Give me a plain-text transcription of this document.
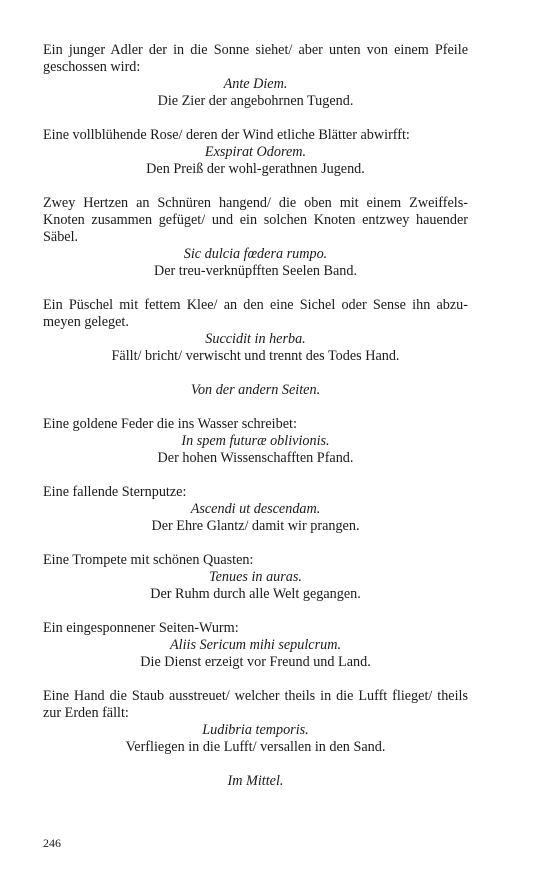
Ein junger Adler der in die Sonne siehet/ aber unten von einem Pfeile geschossen wird:
Ante Diem.
Die Zier der angebohrnen Tugend.
Eine vollblühende Rose/ deren der Wind etliche Blätter abwirfft:
Exspirat Odorem.
Den Preiß der wohl-gerathnen Jugend.
Zwey Hertzen an Schnüren hangend/ die oben mit einem Zweiffels-Knoten zusammen gefüget/ und ein solchen Knoten entzwey hauender Säbel.
Sic dulcia fœdera rumpo.
Der treu-verknüpfften Seelen Band.
Ein Püschel mit fettem Klee/ an den eine Sichel oder Sense ihn abzu-meyen geleget.
Succidit in herba.
Fällt/ bricht/ verwischt und trennt des Todes Hand.
Von der andern Seiten.
Eine goldene Feder die ins Wasser schreibet:
In spem futuræ oblivionis.
Der hohen Wissenschafften Pfand.
Eine fallende Sternputze:
Ascendi ut descendam.
Der Ehre Glantz/ damit wir prangen.
Eine Trompete mit schönen Quasten:
Tenues in auras.
Der Ruhm durch alle Welt gegangen.
Ein eingesponnener Seiten-Wurm:
Aliis Sericum mihi sepulcrum.
Die Dienst erzeigt vor Freund und Land.
Eine Hand die Staub ausstreuet/ welcher theils in die Lufft flieget/ theils zur Erden fällt:
Ludibria temporis.
Verfliegen in die Lufft/ versallen in den Sand.
Im Mittel.
246
